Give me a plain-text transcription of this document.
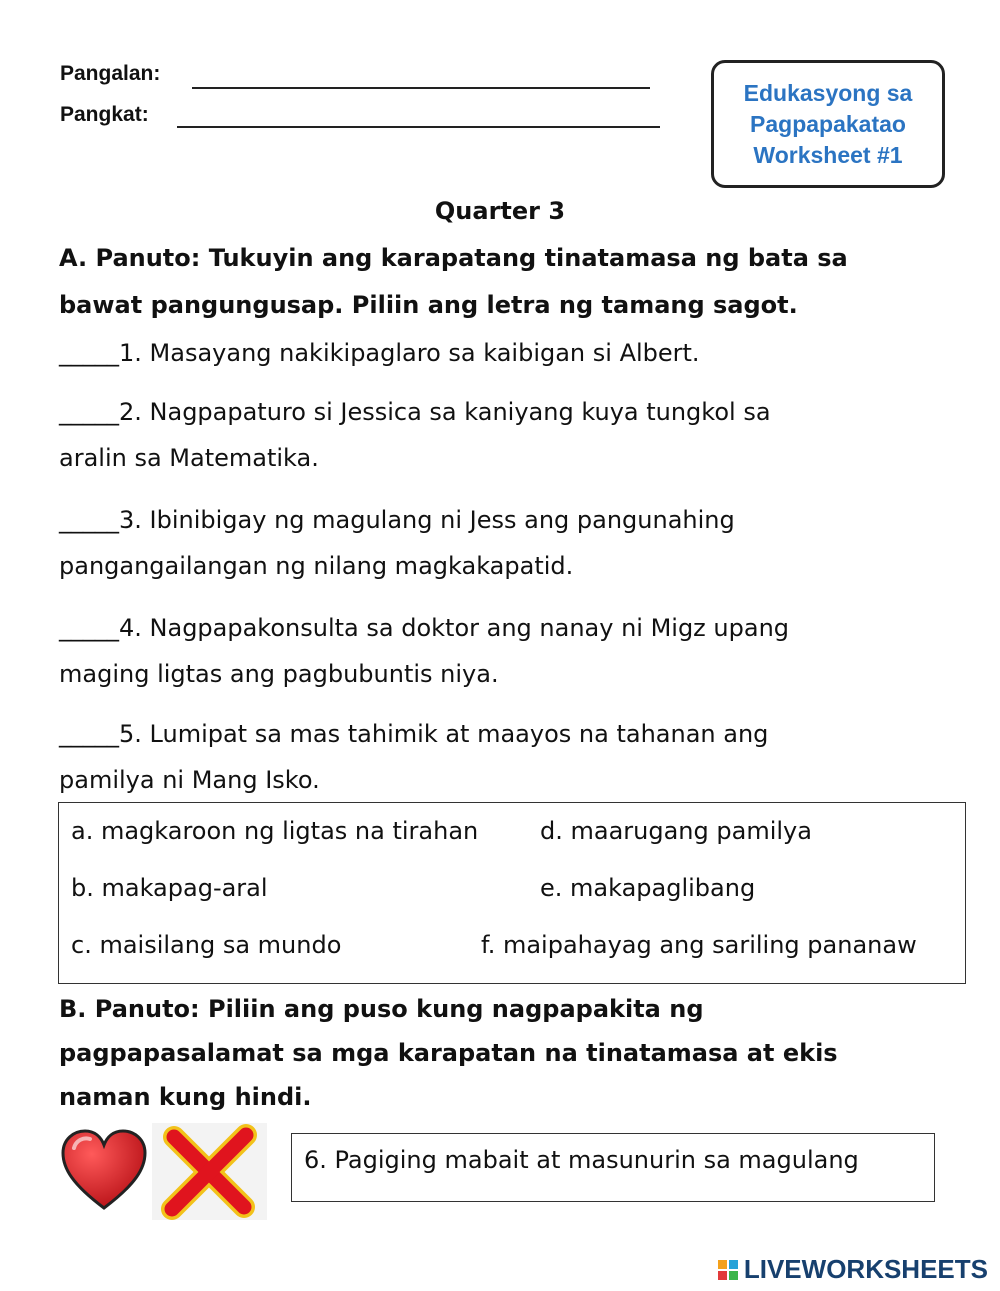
Pangalan:
Pangkat:
Edukasyong sa
Pagpapakatao
Worksheet #1
Quarter 3
A. Panuto: Tukuyin ang karapatang tinatamasa ng bata sa
bawat pangungusap. Piliin ang letra ng tamang sagot.
_____1. Masayang nakikipaglaro sa kaibigan si Albert.
_____2. Nagpapaturo si Jessica sa kaniyang kuya tungkol sa
aralin sa Matematika.
_____3. Ibinibigay ng magulang ni Jess ang pangunahing
pangangailangan ng nilang magkakapatid.
_____4. Nagpapakonsulta sa doktor ang nanay ni Migz upang
maging ligtas ang pagbubuntis niya.
_____5. Lumipat sa mas tahimik at maayos na tahanan ang
pamilya ni Mang Isko.
a. magkaroon ng ligtas na tirahan	d. maarugang pamilya
b. makapag-aral	e. makapaglibang
c. maisilang sa mundo	f. maipahayag ang sariling pananaw
B. Panuto: Piliin ang puso kung nagpapakita ng
pagpapasalamat sa mga karapatan na tinatamasa at ekis
naman kung hindi.
6. Pagiging mabait at masunurin sa magulang
LIVEWORKSHEETS
